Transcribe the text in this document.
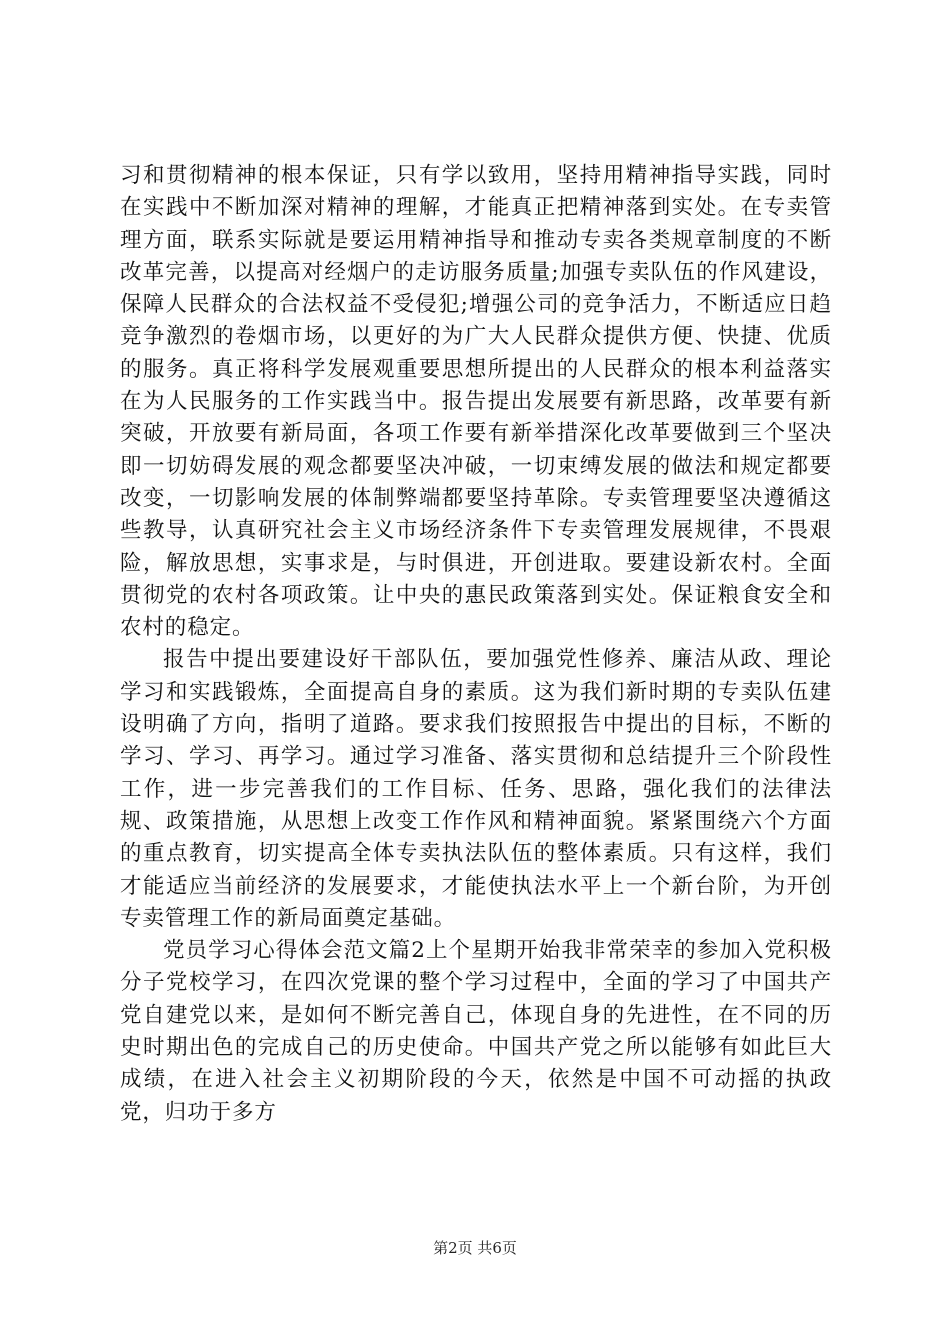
习和贯彻精神的根本保证，只有学以致用，坚持用精神指导实践，同时在实践中不断加深对精神的理解，才能真正把精神落到实处。在专卖管理方面，联系实际就是要运用精神指导和推动专卖各类规章制度的不断改革完善，以提高对经烟户的走访服务质量;加强专卖队伍的作风建设，保障人民群众的合法权益不受侵犯;增强公司的竞争活力，不断适应日趋竞争激烈的卷烟市场，以更好的为广大人民群众提供方便、快捷、优质的服务。真正将科学发展观重要思想所提出的人民群众的根本利益落实在为人民服务的工作实践当中。报告提出发展要有新思路，改革要有新突破，开放要有新局面，各项工作要有新举措深化改革要做到三个坚决即一切妨碍发展的观念都要坚决冲破，一切束缚发展的做法和规定都要改变，一切影响发展的体制弊端都要坚持革除。专卖管理要坚决遵循这些教导，认真研究社会主义市场经济条件下专卖管理发展规律，不畏艰险，解放思想，实事求是，与时俱进，开创进取。要建设新农村。全面贯彻党的农村各项政策。让中央的惠民政策落到实处。保证粮食安全和农村的稳定。

报告中提出要建设好干部队伍，要加强党性修养、廉洁从政、理论学习和实践锻炼，全面提高自身的素质。这为我们新时期的专卖队伍建设明确了方向，指明了道路。要求我们按照报告中提出的目标，不断的学习、学习、再学习。通过学习准备、落实贯彻和总结提升三个阶段性工作，进一步完善我们的工作目标、任务、思路，强化我们的法律法规、政策措施，从思想上改变工作作风和精神面貌。紧紧围绕六个方面的重点教育，切实提高全体专卖执法队伍的整体素质。只有这样，我们才能适应当前经济的发展要求，才能使执法水平上一个新台阶，为开创专卖管理工作的新局面奠定基础。

党员学习心得体会范文篇2上个星期开始我非常荣幸的参加入党积极分子党校学习，在四次党课的整个学习过程中，全面的学习了中国共产党自建党以来，是如何不断完善自己，体现自身的先进性，在不同的历史时期出色的完成自己的历史使命。中国共产党之所以能够有如此巨大成绩，在进入社会主义初期阶段的今天，依然是中国不可动摇的执政党，归功于多方

第2页 共6页
